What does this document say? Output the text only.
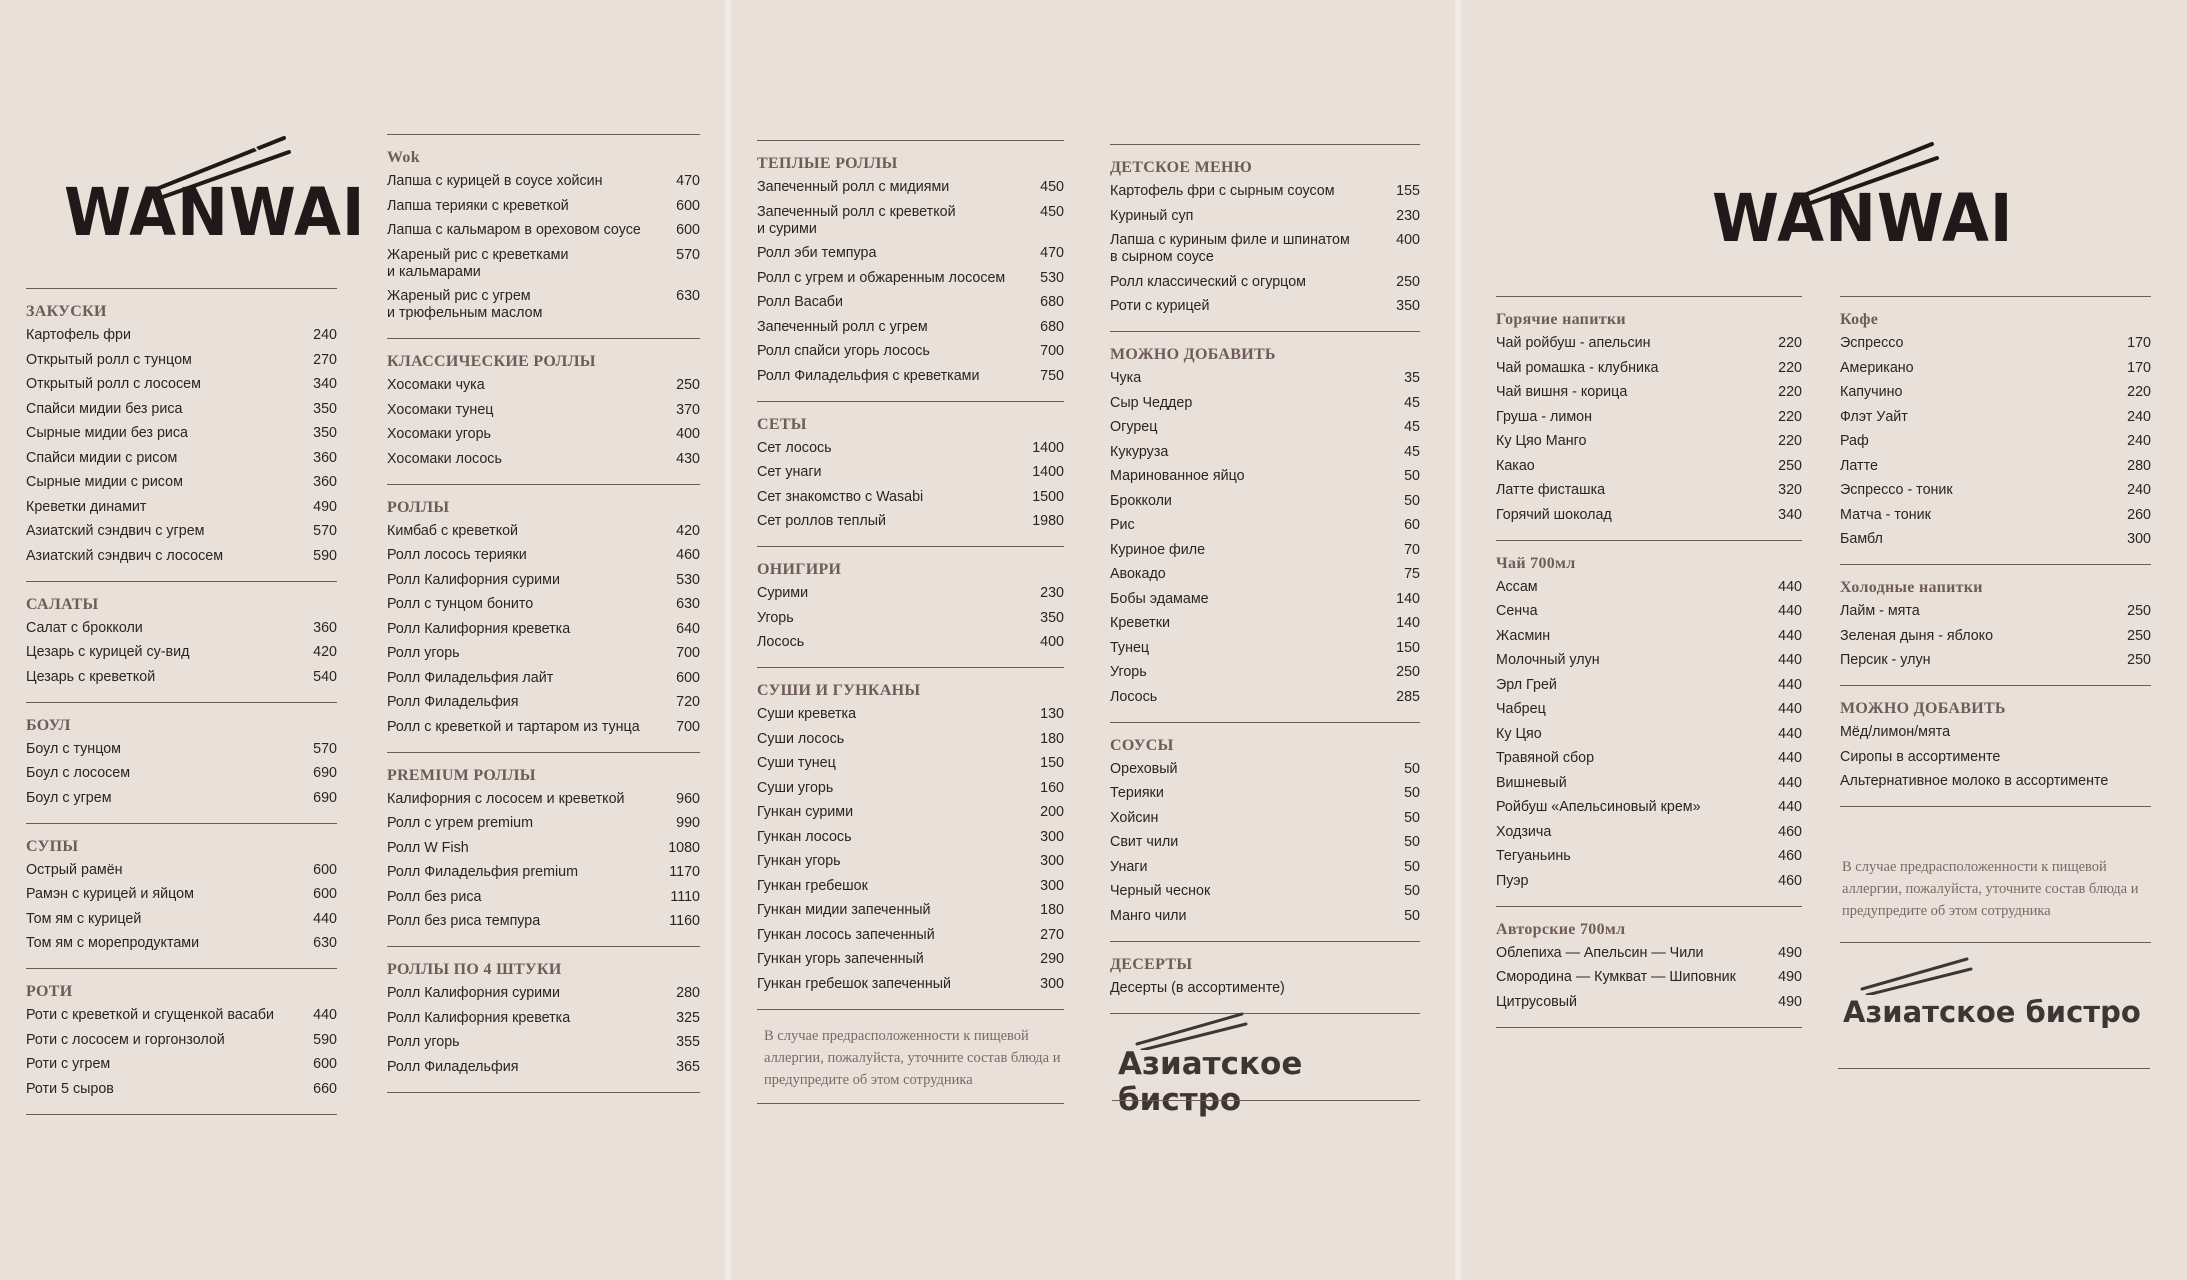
WANWAI	WANWAI
ЗАКУСКИ
Картофель фри	240
Открытый ролл с тунцом	270
Открытый ролл с лососем	340
Спайси мидии без риса	350
Сырные мидии без риса	350
Спайси мидии с рисом	360
Сырные мидии с рисом	360
Креветки динамит	490
Азиатский сэндвич с угрем	570
Азиатский сэндвич с лососем	590
САЛАТЫ
Салат с брокколи	360
Цезарь с курицей су-вид	420
Цезарь с креветкой	540
БОУЛ
Боул с тунцом	570
Боул с лососем	690
Боул с угрем	690
СУПЫ
Острый рамён	600
Рамэн с курицей и яйцом	600
Том ям с курицей	440
Том ям с морепродуктами	630
РОТИ
Роти с креветкой и сгущенкой васаби	440
Роти с лососем и горгонзолой	590
Роти с угрем	600
Роти 5 сыров	660
Wok
Лапша с курицей в соусе хойсин	470
Лапша терияки с креветкой	600
Лапша с кальмаром в ореховом соусе	600
Жареный рис с креветками
и кальмарами
570
Жареный рис с угрем
и трюфельным маслом
630
КЛАССИЧЕСКИЕ РОЛЛЫ
Хосомаки чука	250
Хосомаки тунец	370
Хосомаки угорь	400
Хосомаки лосось	430
РОЛЛЫ
Кимбаб с креветкой	420
Ролл лосось терияки	460
Ролл Калифорния сурими	530
Ролл с тунцом бонито	630
Ролл Калифорния креветка	640
Ролл угорь	700
Ролл Филадельфия лайт	600
Ролл Филадельфия	720
Ролл с креветкой и тартаром из тунца	700
PREMIUM РОЛЛЫ
Калифорния с лососем и креветкой	960
Ролл с угрем premium	990
Ролл W Fish	1080
Ролл Филадельфия premium	1170
Ролл без риса	1110
Ролл без риса темпура	1160
РОЛЛЫ ПО 4 ШТУКИ
Ролл Калифорния сурими	280
Ролл Калифорния креветка	325
Ролл угорь	355
Ролл Филадельфия	365
ТЕПЛЫЕ РОЛЛЫ
Запеченный ролл с мидиями	450
Запеченный ролл с креветкой
и сурими
450
Ролл эби темпура	470
Ролл с угрем и обжаренным лососем	530
Ролл Васаби	680
Запеченный ролл с угрем	680
Ролл спайси угорь лосось	700
Ролл Филадельфия с креветками	750
СЕТЫ
Сет лосось	1400
Сет унаги	1400
Сет знакомство с Wasabi	1500
Сет роллов теплый	1980
ОНИГИРИ
Сурими	230
Угорь	350
Лосось	400
СУШИ И ГУНКАНЫ
Суши креветка	130
Суши лосось	180
Суши тунец	150
Суши угорь	160
Гункан сурими	200
Гункан лосось	300
Гункан угорь	300
Гункан гребешок	300
Гункан мидии запеченный	180
Гункан лосось запеченный	270
Гункан угорь запеченный	290
Гункан гребешок запеченный	300
ДЕТСКОЕ МЕНЮ
Картофель фри с сырным соусом	155
Куриный суп	230
Лапша с куриным филе и шпинатом
в сырном соусе
400
Ролл классический с огурцом	250
Роти с курицей	350
МОЖНО ДОБАВИТЬ
Чука	35
Сыр Чеддер	45
Огурец	45
Кукуруза	45
Маринованное яйцо	50
Брокколи	50
Рис	60
Куриное филе	70
Авокадо	75
Бобы эдамаме	140
Креветки	140
Тунец	150
Угорь	250
Лосось	285
СОУСЫ
Ореховый	50
Терияки	50
Хойсин	50
Свит чили	50
Унаги	50
Черный чеснок	50
Манго чили	50
ДЕСЕРТЫ
Десерты (в ассортименте)
Горячие напитки
Чай ройбуш - апельсин	220
Чай ромашка - клубника	220
Чай вишня - корица	220
Груша - лимон	220
Ку Цяо Манго	220
Какао	250
Латте фисташка	320
Горячий шоколад	340
Чай 700мл
Ассам	440
Сенча	440
Жасмин	440
Молочный улун	440
Эрл Грей	440
Чабрец	440
Ку Цяо	440
Травяной сбор	440
Вишневый	440
Ройбуш «Апельсиновый крем»	440
Ходзича	460
Тегуаньинь	460
Пуэр	460
Авторские 700мл
Облепиха — Апельсин — Чили	490
Смородина — Кумкват — Шиповник	490
Цитрусовый	490
Кофе
Эспрессо	170
Американо	170
Капучино	220
Флэт Уайт	240
Раф	240
Латте	280
Эспрессо - тоник	240
Матча - тоник	260
Бамбл	300
Холодные напитки
Лайм - мята	250
Зеленая дыня - яблоко	250
Персик - улун	250
МОЖНО ДОБАВИТЬ
Мёд/лимон/мята
Сиропы в ассортименте
Альтернативное молоко в ассортименте
В случае предрасположенности к пищевой аллергии, пожалуйста, уточните состав блюда и предупредите об этом сотрудника
В случае предрасположенности к пищевой аллергии, пожалуйста, уточните состав блюда и предупредите об этом сотрудника
Азиатское бистро
Азиатское бистро
